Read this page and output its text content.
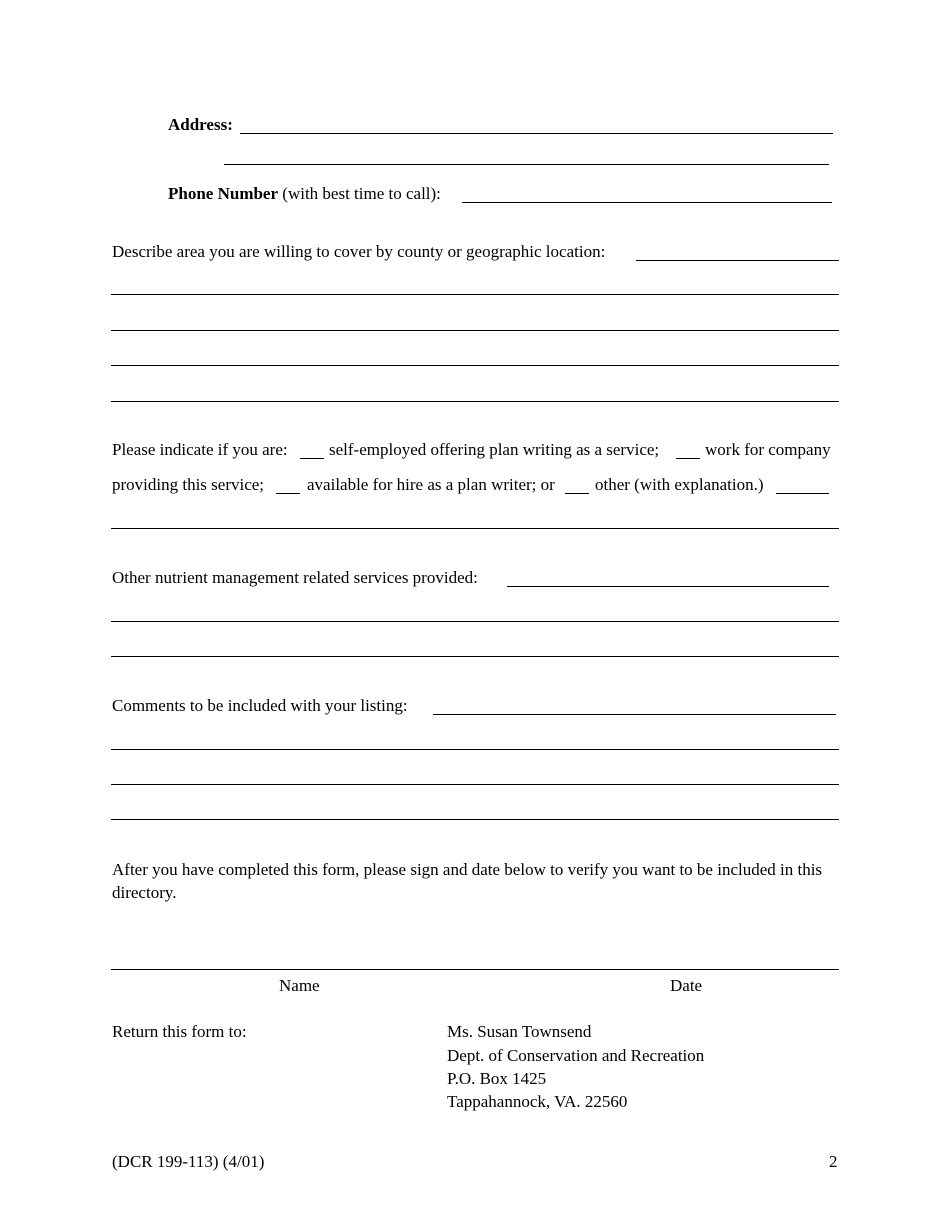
Address:
Phone Number (with best time to call):
Describe area you are willing to cover by county or geographic location:
Please indicate if you are: self-employed offering plan writing as a service;	work for company
providing this service;	available for hire as a plan writer; or other (with explanation.)
Other nutrient management related services provided:
Comments to be included with your listing:
After you have completed this form, please sign and date below to verify you want to be included in this
directory.
Name	Date
Return this form to:	Ms. Susan Townsend
Dept. of Conservation and Recreation
P.O. Box 1425
Tappahannock, VA. 22560
(DCR 199-113) (4/01)	2
